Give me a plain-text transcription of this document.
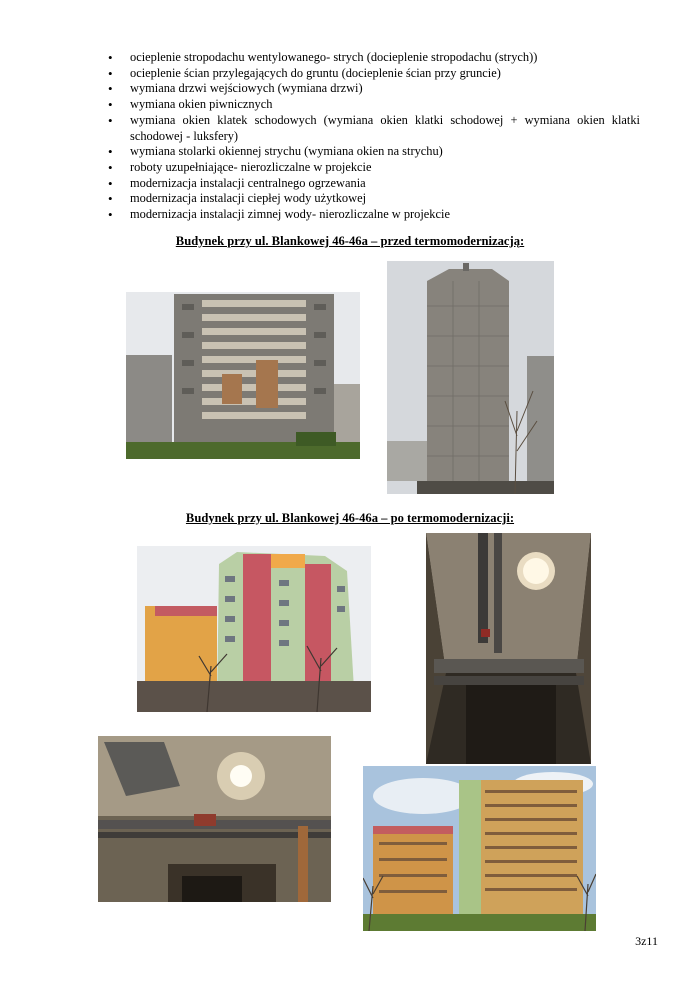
• ocieplenie stropodachu wentylowanego- strych (docieplenie stropodachu (strych))
• ocieplenie ścian przylegających do gruntu (docieplenie ścian przy gruncie)
• wymiana drzwi wejściowych (wymiana drzwi)
• wymiana okien piwnicznych
• wymiana okien klatek schodowych (wymiana okien klatki schodowej + wymiana okien klatki schodowej - luksfery)
• wymiana stolarki okiennej strychu (wymiana okien na strychu)
• roboty uzupełniające- nierozliczalne w projekcie
• modernizacja instalacji centralnego ogrzewania
• modernizacja instalacji ciepłej wody użytkowej
• modernizacja instalacji zimnej wody- nierozliczalne w projekcie
Budynek przy ul. Blankowej 46-46a – przed termomodernizacją:
Budynek przy ul. Blankowej 46-46a – po termomodernizacji:
3z11
